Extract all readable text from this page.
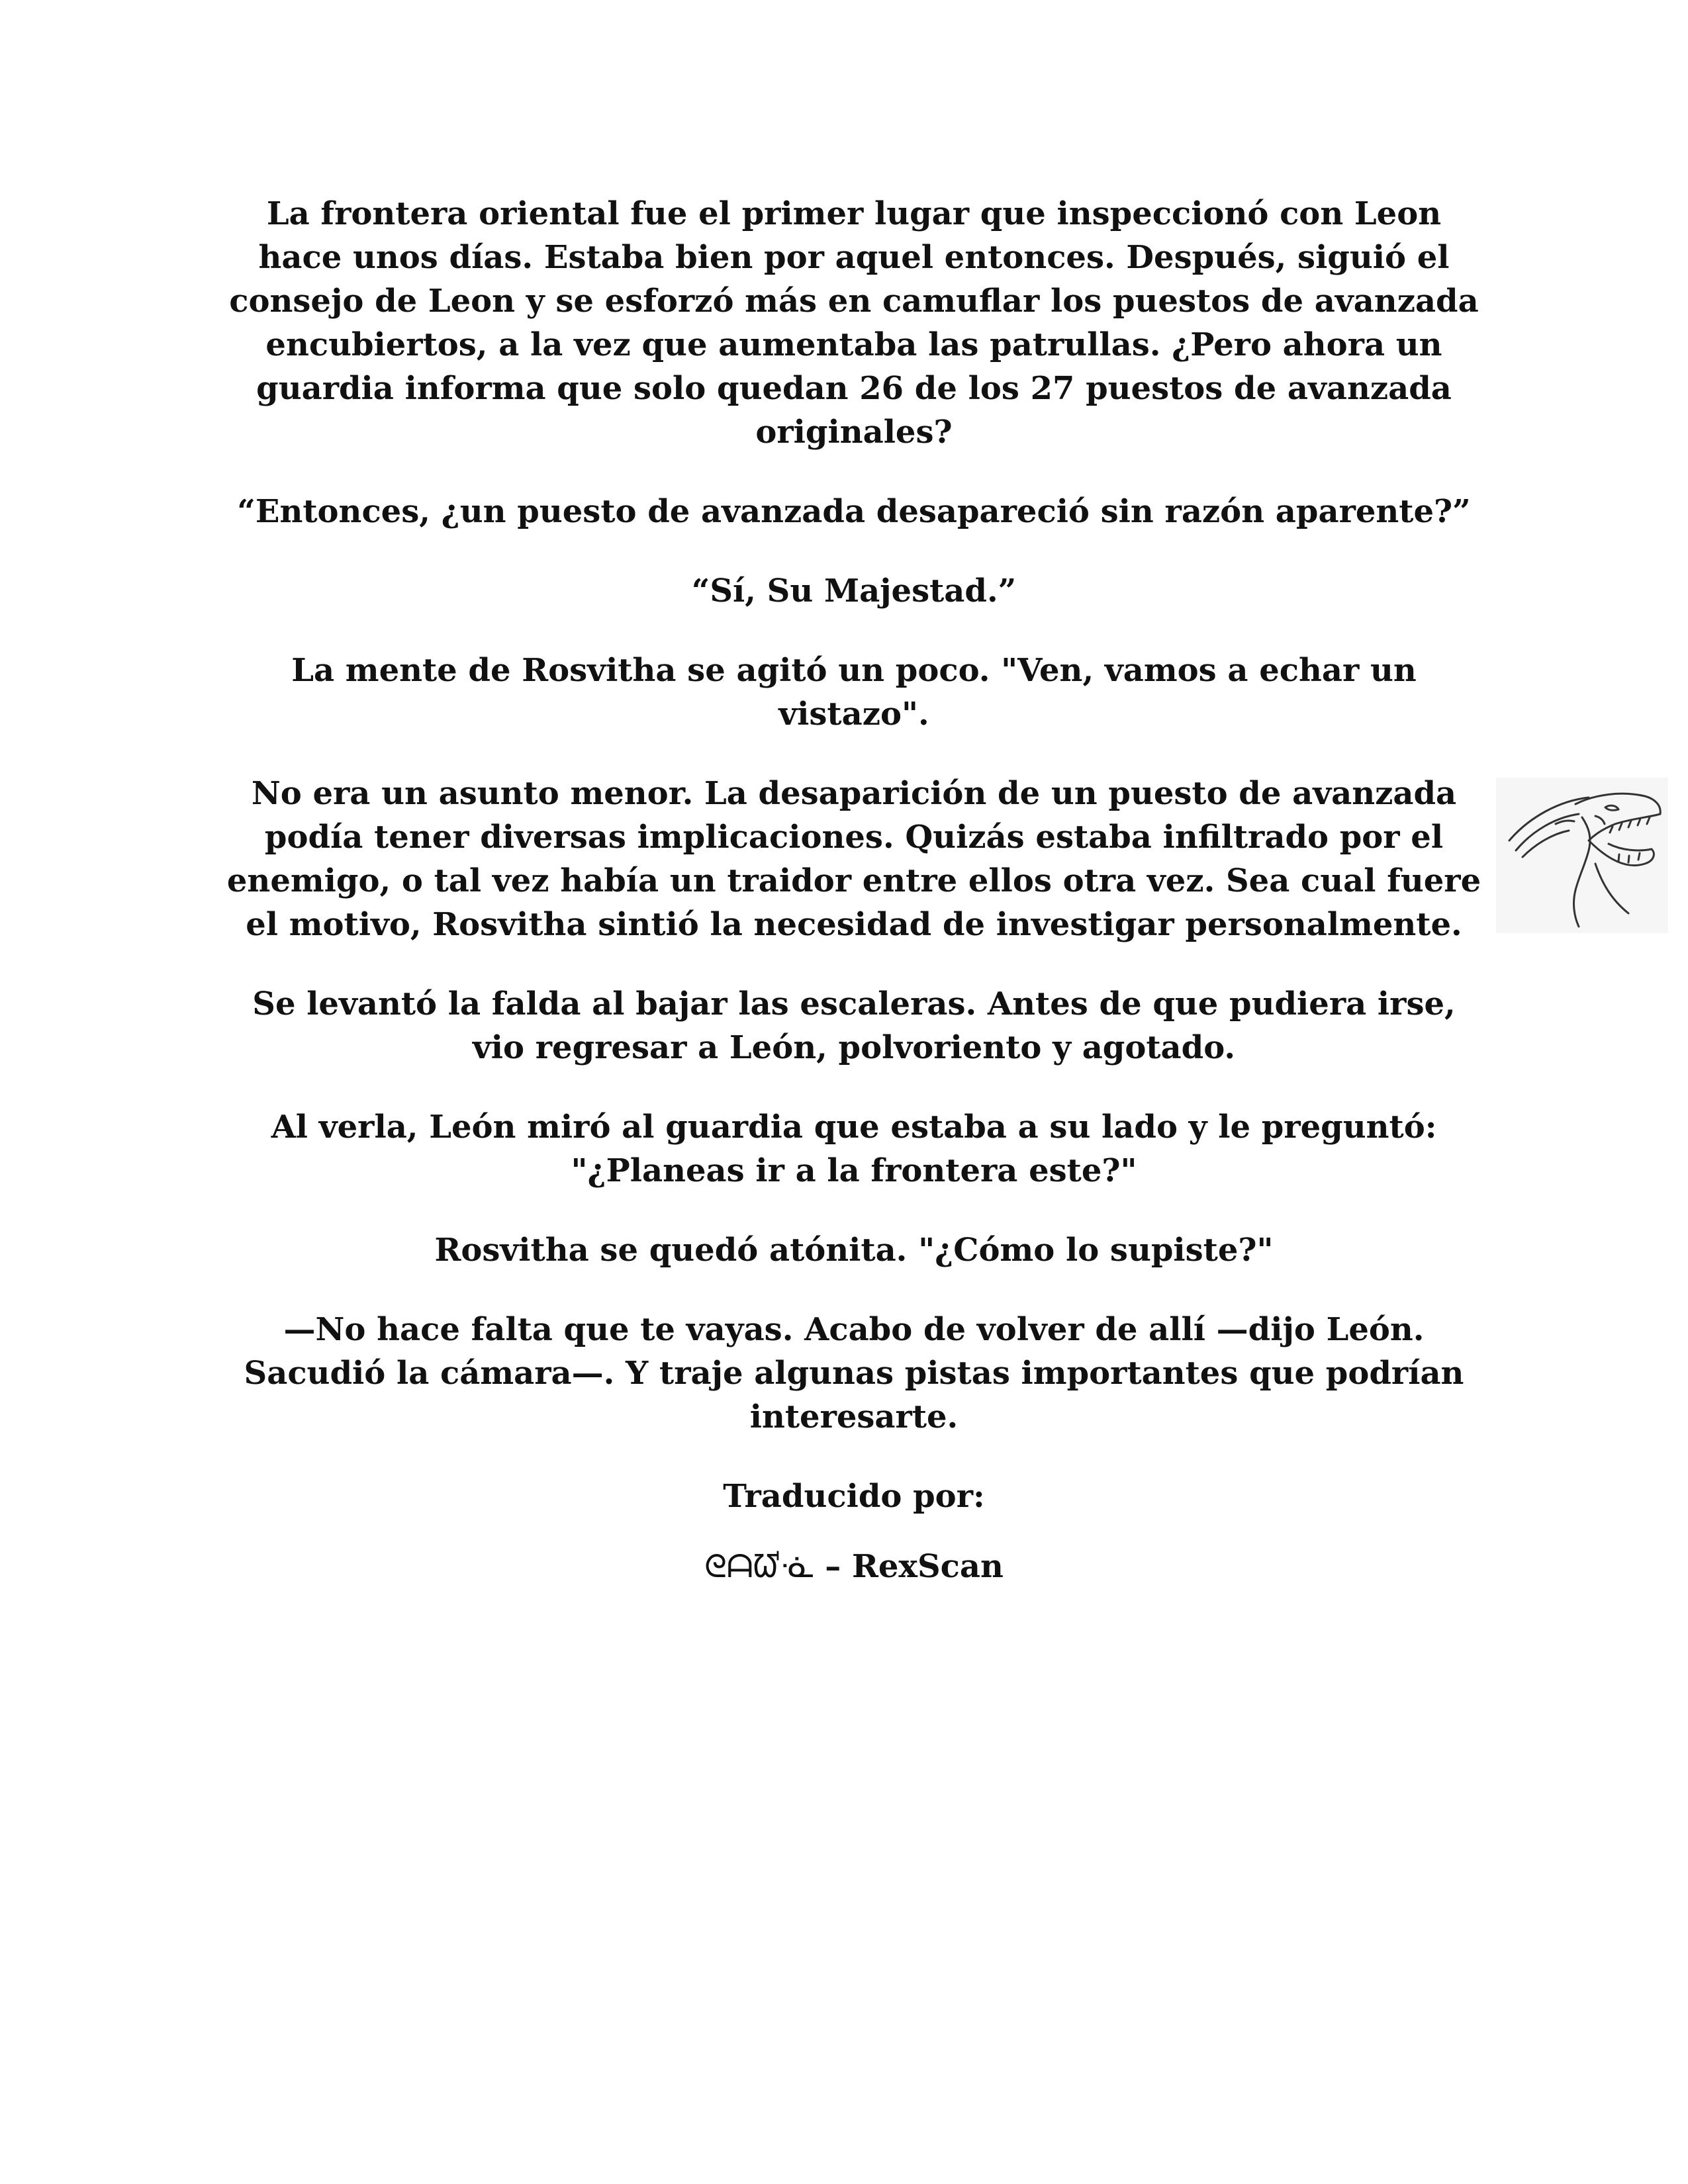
La frontera oriental fue el primer lugar que inspeccionó con Leon hace unos días. Estaba bien por aquel entonces. Después, siguió el consejo de Leon y se esforzó más en camuflar los puestos de avanzada encubiertos, a la vez que aumentaba las patrullas. ¿Pero ahora un guardia informa que solo quedan 26 de los 27 puestos de avanzada originales?

“Entonces, ¿un puesto de avanzada desapareció sin razón aparente?”

“Sí, Su Majestad.”

La mente de Rosvitha se agitó un poco. "Ven, vamos a echar un vistazo".

No era un asunto menor. La desaparición de un puesto de avanzada podía tener diversas implicaciones. Quizás estaba infiltrado por el enemigo, o tal vez había un traidor entre ellos otra vez. Sea cual fuere el motivo, Rosvitha sintió la necesidad de investigar personalmente.

Se levantó la falda al bajar las escaleras. Antes de que pudiera irse, vio regresar a León, polvoriento y agotado.

Al verla, León miró al guardia que estaba a su lado y le preguntó: "¿Planeas ir a la frontera este?"

Rosvitha se quedó atónita. "¿Cómo lo supiste?"

—No hace falta que te vayas. Acabo de volver de allí —dijo León. Sacudió la cámara—. Y traje algunas pistas importantes que podrían interesarte.

Traducido por:

ᘓᗩᘺᓍ – RexScan
